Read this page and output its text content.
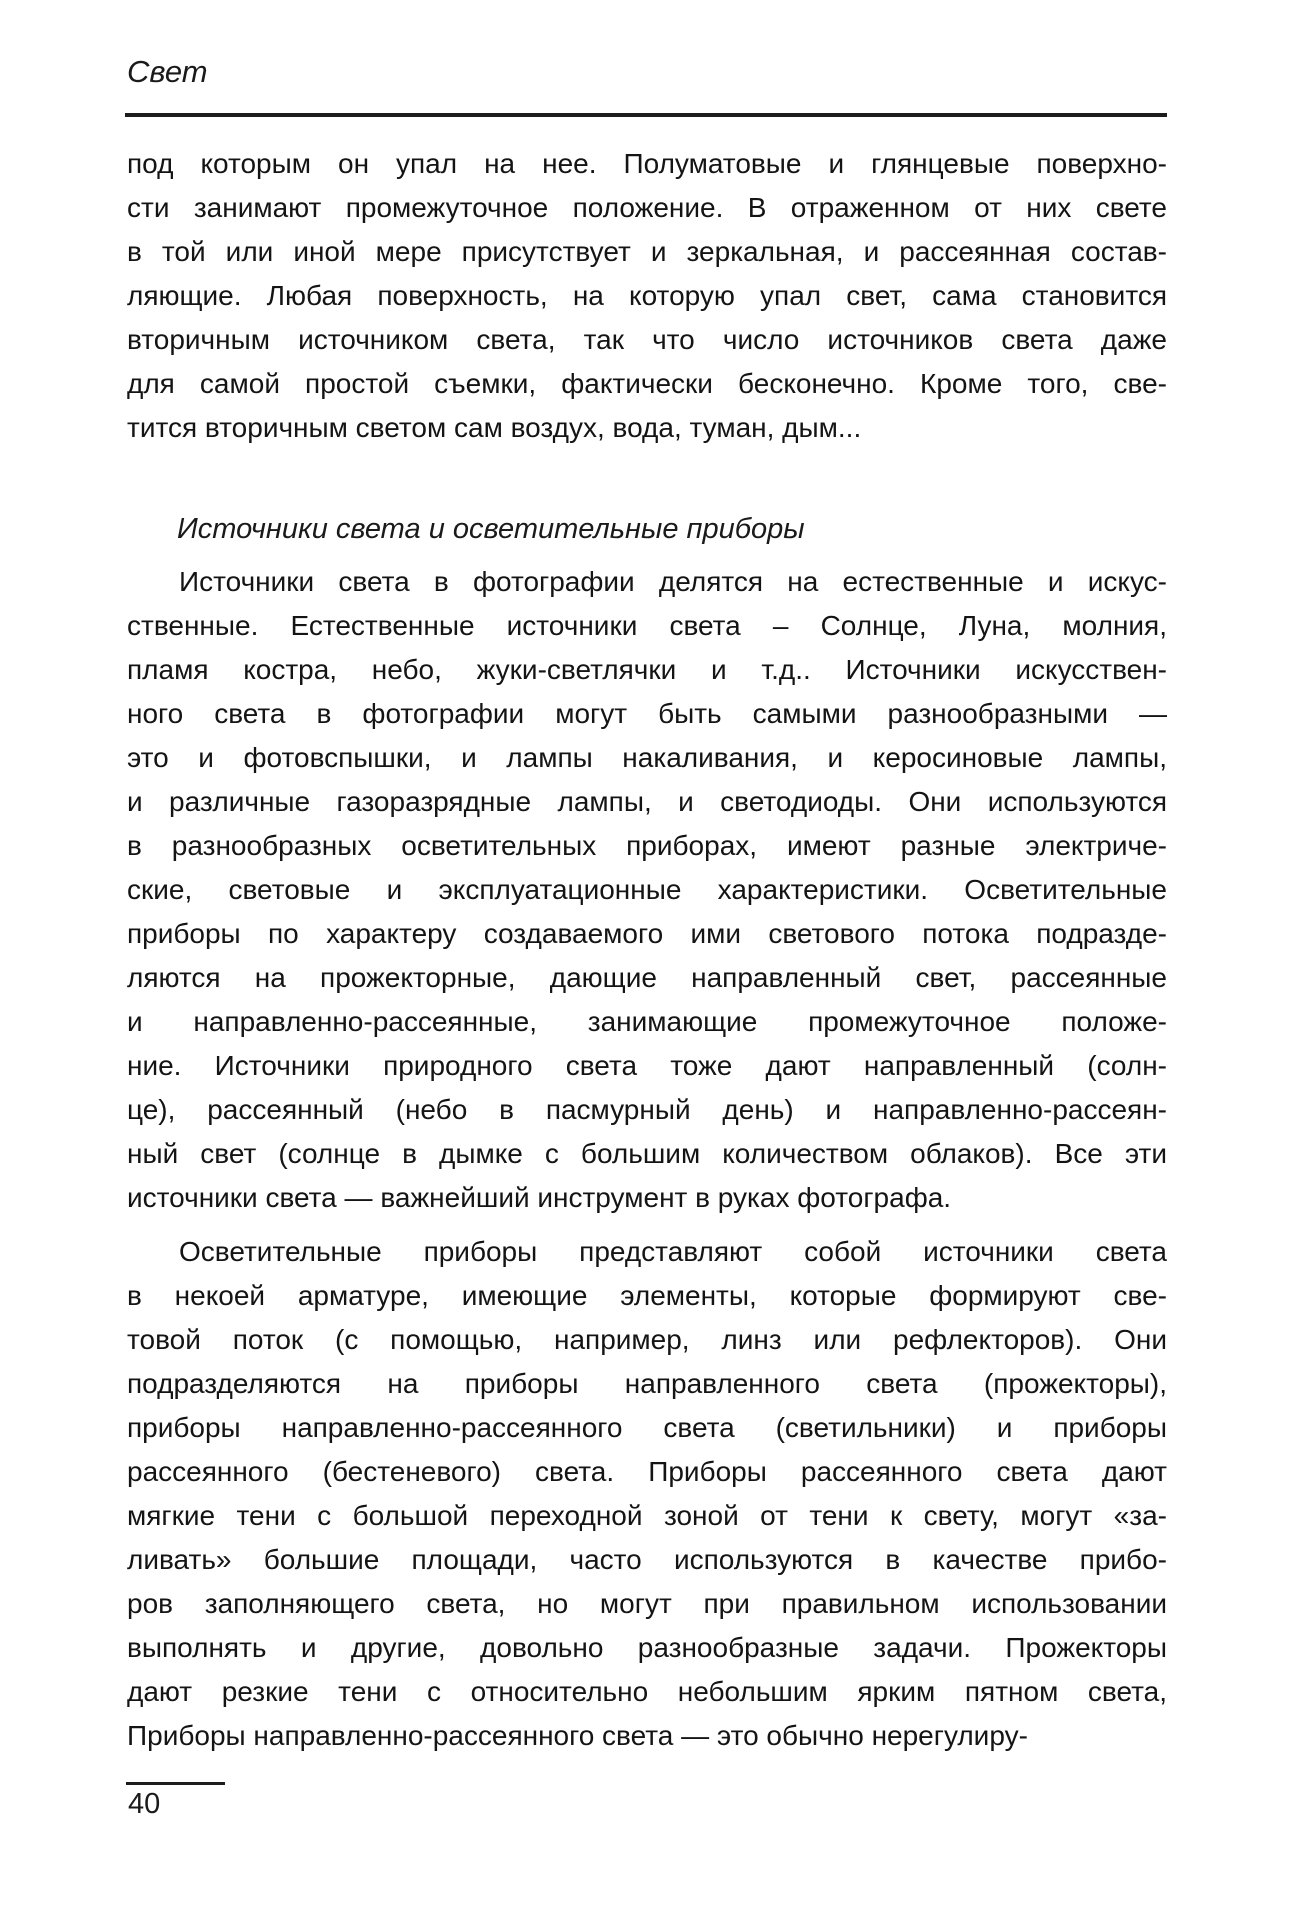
Свет
под которым он упал на нее. Полуматовые и глянцевые поверхно-
сти занимают промежуточное положение. В отраженном от них свете
в той или иной мере присутствует и зеркальная, и рассеянная состав-
ляющие. Любая поверхность, на которую упал свет, сама становится
вторичным источником света, так что число источников света даже
для самой простой съемки, фактически бесконечно. Кроме того, све-
тится вторичным светом сам воздух, вода, туман, дым...
Источники света и осветительные приборы
Источники света в фотографии делятся на естественные и искус-
ственные. Естественные источники света – Солнце, Луна, молния,
пламя костра, небо, жуки-светлячки и т.д.. Источники искусствен-
ного света в фотографии могут быть самыми разнообразными —
это и фотовспышки, и лампы накаливания, и керосиновые лампы,
и различные газоразрядные лампы, и светодиоды. Они используются
в разнообразных осветительных приборах, имеют разные электриче-
ские, световые и эксплуатационные характеристики. Осветительные
приборы по характеру создаваемого ими светового потока подразде-
ляются на прожекторные, дающие направленный свет, рассеянные
и направленно-рассеянные, занимающие промежуточное положе-
ние. Источники природного света тоже дают направленный (солн-
це), рассеянный (небо в пасмурный день) и направленно-рассеян-
ный свет (солнце в дымке с большим количеством облаков). Все эти
источники света — важнейший инструмент в руках фотографа.
Осветительные приборы представляют собой источники света
в некоей арматуре, имеющие элементы, которые формируют све-
товой поток (с помощью, например, линз или рефлекторов). Они
подразделяются на приборы направленного света (прожекторы),
приборы направленно-рассеянного света (светильники) и приборы
рассеянного (бестеневого) света. Приборы рассеянного света дают
мягкие тени с большой переходной зоной от тени к свету, могут «за-
ливать» большие площади, часто используются в качестве прибо-
ров заполняющего света, но могут при правильном использовании
выполнять и другие, довольно разнообразные задачи. Прожекторы
дают резкие тени с относительно небольшим ярким пятном света,
Приборы направленно-рассеянного света — это обычно нерегулиру-
40
